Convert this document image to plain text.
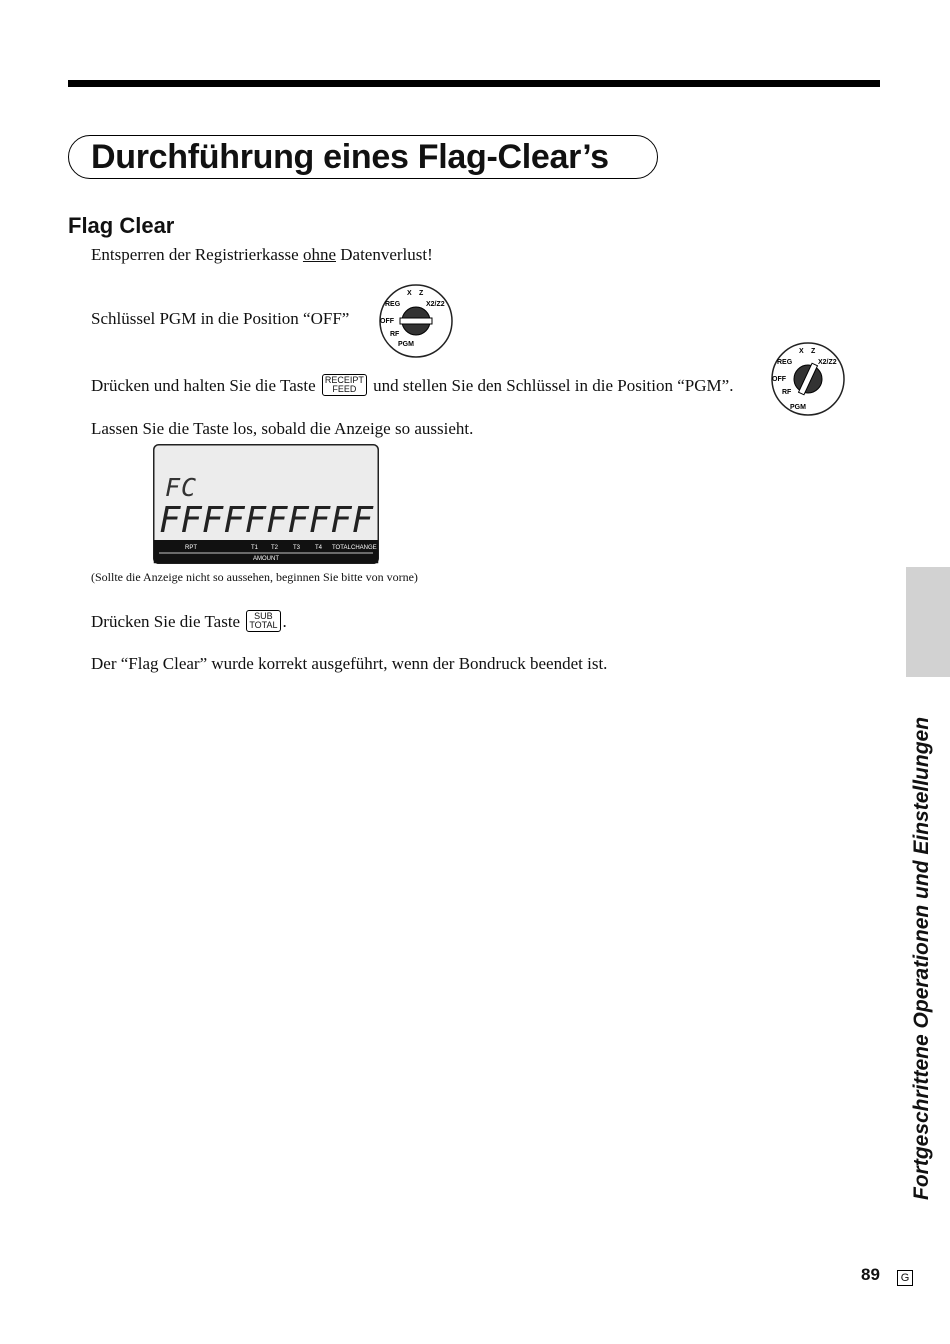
Durchführung eines Flag-Clear’s
Flag Clear
Entsperren der Registrierkasse ohne Datenverlust!
Schlüssel PGM in die Position “OFF”
REG
X Z
X2/Z2
OFF
RF
PGM
Drücken und halten Sie die Taste RECEIPT
FEED und stellen Sie den Schlüssel in die Position “PGM”.
REG
X Z
X2/Z2
OFF
RF
PGM
Lassen Sie die Taste los, sobald die Anzeige so aussieht.
FC
FFFFFFFFFF
RPT	T1 T2 T3 T4 TOTAL CHANGE
AMOUNT
(Sollte die Anzeige nicht so aussehen, beginnen Sie bitte von vorne)
Drücken Sie die Taste	SUB
TOTAL .
Der “Flag Clear” wurde korrekt ausgeführt, wenn der Bondruck beendet ist.
Fortgeschrittene Operationen und Einstellungen
89	G
